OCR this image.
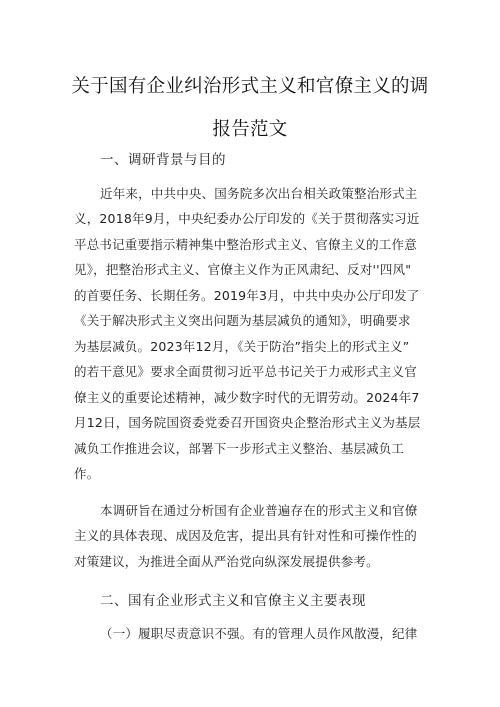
关于国有企业纠治形式主义和官僚主义的调
报告范文
一、调研背景与目的
近年来，中共中央、国务院多次出台相关政策整治形式主
义，2018年9月，中央纪委办公厅印发的《关于贯彻落实习近
平总书记重要指示精神集中整治形式主义、官僚主义的工作意
见》，把整治形式主义、官僚主义作为正风肃纪、反对''四风"
的首要任务、长期任务。2019年3月，中共中央办公厅印发了
《关于解决形式主义突出问题为基层减负的通知》，明确要求
为基层减负。2023年12月，《关于防治”指尖上的形式主义”
的若干意见》要求全面贯彻习近平总书记关于力戒形式主义官
僚主义的重要论述精神，减少数字时代的无谓劳动。2024年7
月12日，国务院国资委党委召开国资央企整治形式主义为基层
减负工作推进会议，部署下一步形式主义整治、基层减负工
作。
本调研旨在通过分析国有企业普遍存在的形式主义和官僚
主义的具体表现、成因及危害，提出具有针对性和可操作性的
对策建议，为推进全面从严治党向纵深发展提供参考。
二、国有企业形式主义和官僚主义主要表现
（一）履职尽责意识不强。有的管理人员作风散漫，纪律
